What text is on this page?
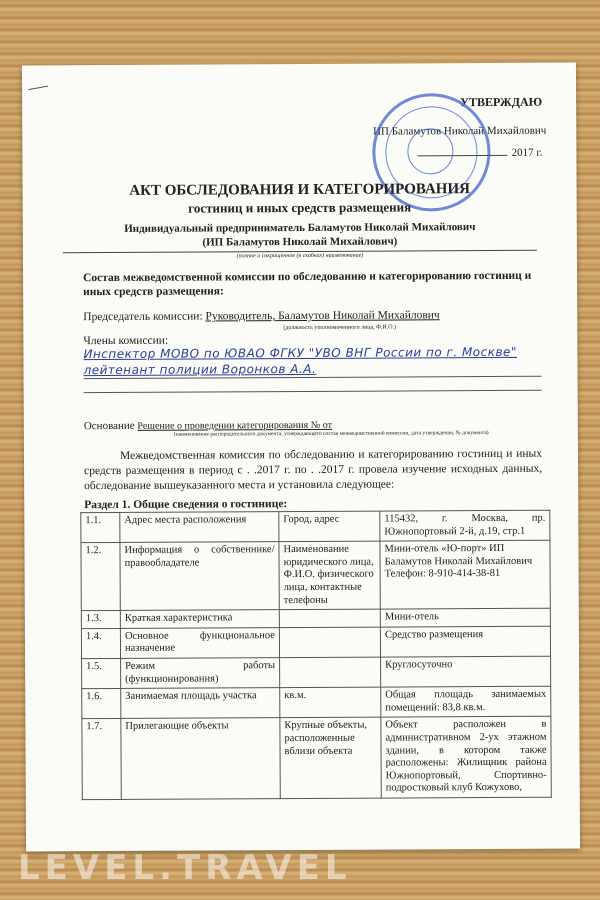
УТВЕРЖДАЮ
ИП Баламутов Николай Михайлович
2017 г.
АКТ ОБСЛЕДОВАНИЯ И КАТЕГОРИРОВАНИЯ
гостиниц и иных средств размещения
Индивидуальный предприниматель Баламутов Николай Михайлович
(ИП Баламутов Николай Михайлович)
(полное и сокращенное (в скобках) наименование)
Состав межведомственной комиссии по обследованию и категорированию гостиниц и иных средств размещения:
Председатель комиссии: Руководитель, Баламутов Николай Михайлович
(должность уполномоченного лица, Ф.И.О.)
Члены комиссии:
Инспектор МОВО по ЮВАО ФГКУ "УВО ВНГ России по г. Москве"
лейтенант полиции Воронков А.А.
Основание Решение о проведении категорирования № от
(наименование распорядительного документа, утверждающего состав межведомственной комиссии, дата утверждения, № документа)
Межведомственная комиссия по обследованию и категорированию гостиниц и иных средств размещения в период с . .2017 г. по . .2017 г. провела изучение исходных данных, обследование вышеуказанного места и установила следующее:
Раздел 1. Общие сведения о гостинице:
1.1.	Адрес места расположения	Город, адрес	115432, г. Москва, пр. Южнопортовый 2-й, д.19, стр.1
1.2.	Информация о собственнике/правообладателе	Наименование юридического лица, Ф.И.О. физического лица, контактные телефоны	Мини-отель «Ю-порт» ИП Баламутов Николай Михайлович Телефон: 8-910-414-38-81
1.3.	Краткая характеристика		Мини-отель
1.4.	Основное функциональное назначение		Средство размещения
1.5.	Режим работы (функционирования)		Круглосуточно
1.6.	Занимаемая площадь участка	кв.м.	Общая площадь занимаемых помещений: 83,8 кв.м.
1.7.	Прилегающие объекты	Крупные объекты, расположенные вблизи объекта	Объект расположен в административном 2-ух этажном здании, в котором также расположены: Жилищник района Южнопортовый, Спортивно-подростковый клуб Кожухово,
LEVEL.TRAVEL
